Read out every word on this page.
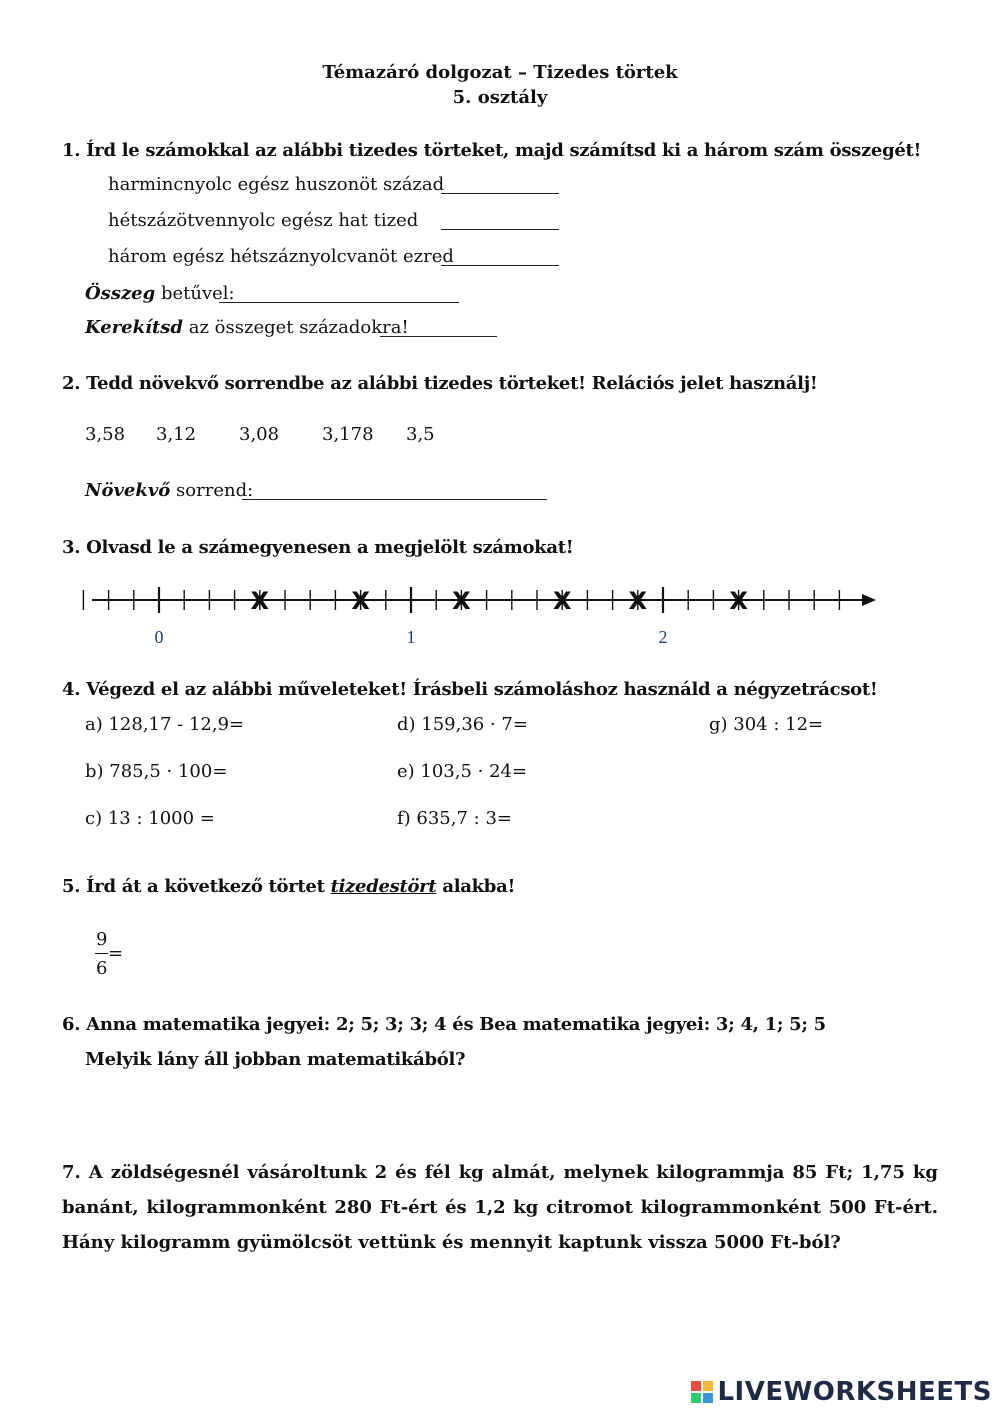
Témazáró dolgozat – Tizedes törtek
5. osztály
1. Írd le számokkal az alábbi tizedes törteket, majd számítsd ki a három szám összegét!
harmincnyolc egész huszonöt század
hétszázötvennyolc egész hat tized
három egész hétszáznyolcvanöt ezred
Összeg betűvel:
Kerekítsd az összeget századokra!
2. Tedd növekvő sorrendbe az alábbi tizedes törteket! Relációs jelet használj!
3,58 3,12 3,08 3,178 3,5
Növekvő sorrend:
3. Olvasd le a számegyenesen a megjelölt számokat!
X	X	X	X X	X
0	1	2
4. Végezd el az alábbi műveleteket! Írásbeli számoláshoz használd a négyzetrácsot!
a) 128,17 - 12,9=
b) 785,5 · 100=
c) 13 : 1000 =
d) 159,36 · 7=
e) 103,5 · 24=
f) 635,7 : 3=
g) 304 : 12=
5. Írd át a következő törtet tizedestört alakba!
9
=
6
6. Anna matematika jegyei: 2; 5; 3; 3; 4 és Bea matematika jegyei: 3; 4, 1; 5; 5
Melyik lány áll jobban matematikából?
7. A zöldségesnél vásároltunk 2 és fél kg almát, melynek kilogrammja 85 Ft; 1,75 kg banánt, kilogrammonként 280 Ft-ért és 1,2 kg citromot kilogrammonként 500 Ft-ért. Hány kilogramm gyümölcsöt vettünk és mennyit kaptunk vissza 5000 Ft-ból?
LIVEWORKSHEETS
